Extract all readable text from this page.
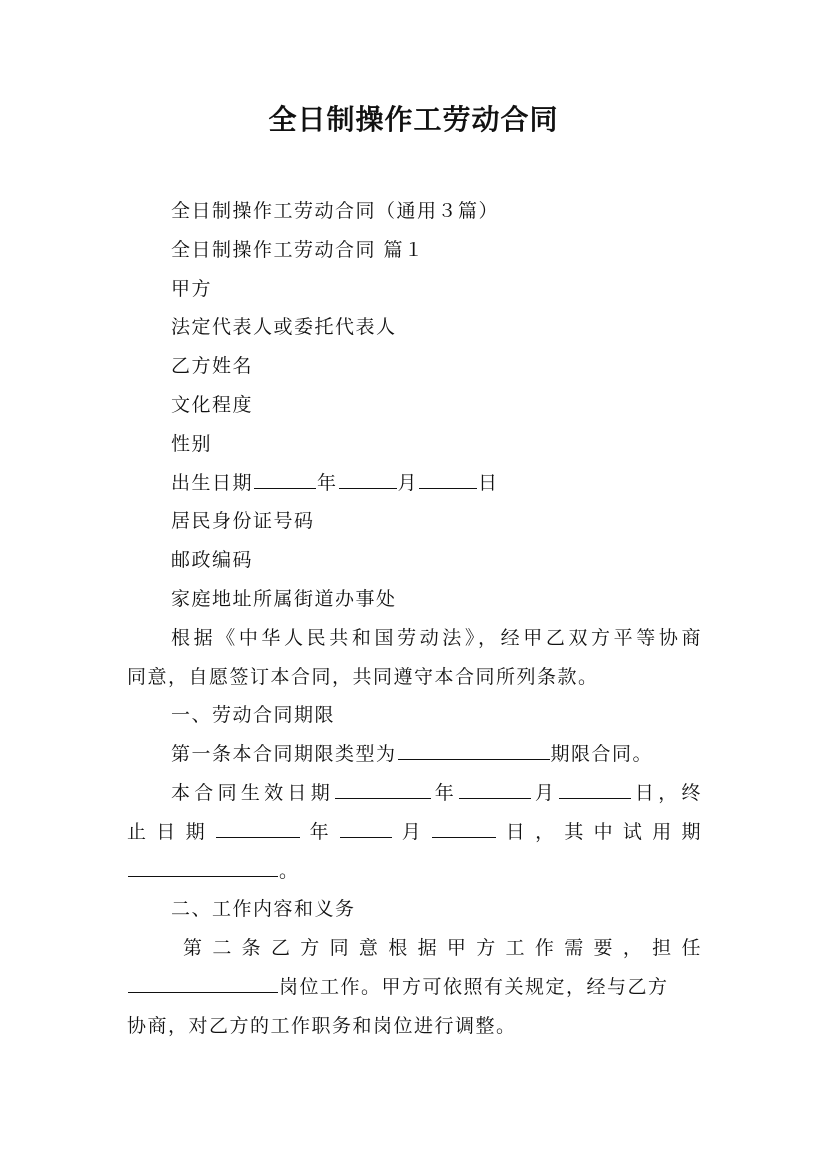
全日制操作工劳动合同

全日制操作工劳动合同（通用３篇）

全日制操作工劳动合同 篇１

甲方

法定代表人或委托代表人

乙方姓名

文化程度

性别

出生日期	年	月	日

居民身份证号码

邮政编码

家庭地址所属街道办事处

根据《中华人民共和国劳动法》，经甲乙双方平等协商

同意，自愿签订本合同，共同遵守本合同所列条款。

一、劳动合同期限

第一条本合同期限类型为	期限合同。

本合同生效日期	年	月	日，终

止日期	年	月	日，其中试用期

。

二、工作内容和义务

第二条乙方同意根据甲方工作需要，担任

岗位工作。甲方可依照有关规定，经与乙方

协商，对乙方的工作职务和岗位进行调整。
